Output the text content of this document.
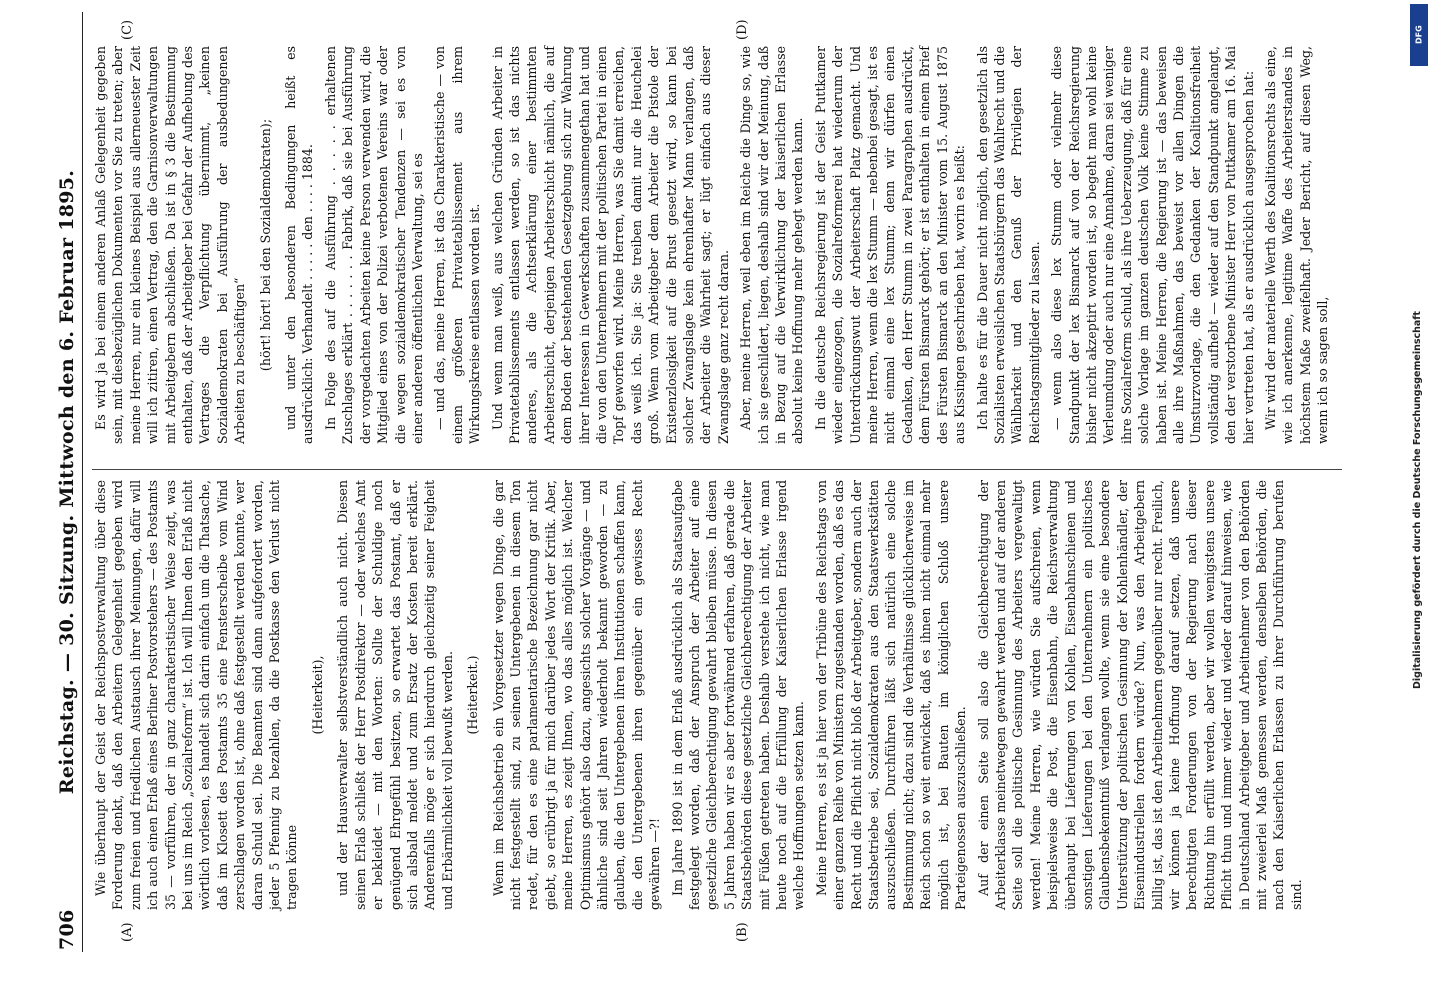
706
Reichstag. — 30. Sitzung. Mittwoch den 6. Februar 1895.
(A)	(B)
(C)	(D)

Wie überhaupt der Geist der Reichspostverwaltung über diese Forderung denkt, daß den Arbeitern Gelegenheit gegeben wird zum freien und friedlichen Austausch ihrer Meinungen, dafür will ich auch einen Erlaß eines Berliner Postvorstehers — des Postamts 35 — vorführen, der in ganz charakteristischer Weise zeigt, was bei uns im Reich „Sozialreform“ ist. Ich will Ihnen den Erlaß nicht wörtlich vorlesen, es handelt sich darin einfach um die Thatsache, daß im Klosett des Postamts 35 eine Fensterscheibe vom Wind zerschlagen worden ist, ohne daß festgestellt werden konnte, wer daran Schuld sei. Die Beamten sind dann aufgefordert worden, jeder 5 Pfennig zu bezahlen, da die Postkasse den Verlust nicht tragen könne

(Heiterkeit), und der Hausverwalter selbstverständlich auch nicht. Diesen seinen Erlaß schließt der Herr Postdirektor — oder welches Amt er bekleidet — mit den Worten: Sollte der Schuldige noch genügend Ehrgefühl besitzen, so erwartet das Postamt, daß er sich alsbald meldet und zum Ersatz der Kosten bereit erklärt. Anderenfalls möge er sich hierdurch gleichzeitig seiner Feigheit und Erbärmlichkeit voll bewußt werden. (Heiterkeit.) Wenn im Reichsbetrieb ein Vorgesetzter wegen Dinge, die gar nicht festgestellt sind, zu seinen Untergebenen in diesem Ton redet, für den es eine parlamentarische Bezeichnung gar nicht giebt, so erübrigt ja für mich darüber jedes Wort der Kritik. Aber, meine Herren, es zeigt Ihnen, wo das alles möglich ist. Welcher Optimismus gehört also dazu, angesichts solcher Vorgänge — und ähnliche sind seit Jahren wiederholt bekannt geworden — zu glauben, die den Untergebenen ihren Institutionen schaffen kann, die den Untergebenen ihren gegenüber ein gewisses Recht gewähren —?! Im Jahre 1890 ist in dem Erlaß ausdrücklich als Staatsaufgabe festgelegt worden, daß der Anspruch der Arbeiter auf eine gesetzliche Gleichberechtigung gewahrt bleiben müsse. In diesen 5 Jahren haben wir es aber fortwährend erfahren, daß gerade die Staatsbehörden diese gesetzliche Gleichberechtigung der Arbeiter mit Füßen getreten haben. Deshalb verstehe ich nicht, wie man heute noch auf die Erfüllung der Kaiserlichen Erlasse irgend welche Hoffnungen setzen kann. Meine Herren, es ist ja hier von der Tribüne des Reichstags von einer ganzen Reihe von Ministern zugestanden worden, daß es das Recht und die Pflicht nicht bloß der Arbeitgeber, sondern auch der Staatsbetriebe sei, Sozialdemokraten aus den Staatswerkstätten auszuschließen. Durchführen läßt sich natürlich eine solche Bestimmung nicht; dazu sind die Verhältnisse glücklicherweise im Reich schon so weit entwickelt, daß es ihnen nicht einmal mehr möglich ist, bei Bauten im königlichen Schloß unsere Parteigenossen auszuschließen. Auf der einen Seite soll also die Gleichberechtigung der Arbeiterklasse meinetwegen gewahrt werden und auf der anderen Seite soll die politische Gesinnung des Arbeiters vergewaltigt werden! Meine Herren, wie würden Sie aufschreien, wenn beispielsweise die Post, die Eisenbahn, die Reichsverwaltung überhaupt bei Lieferungen von Kohlen, Eisenbahnschienen und sonstigen Lieferungen bei den Unternehmern ein politisches Glaubensbekenntniß verlangen wollte, wenn sie eine besondere Unterstützung der politischen Gesinnung der Kohlenhändler, der Eisenindustriellen fordern würde? Nun, was den Arbeitgebern billig ist, das ist den Arbeitnehmern gegenüber nur recht. Freilich, wir können ja keine Hoffnung darauf setzen, daß unsere berechtigten Forderungen von der Regierung nach dieser Richtung hin erfüllt werden, aber wir wollen wenigstens unsere Pflicht thun und immer wieder und wieder darauf hinweisen, wie in Deutschland Arbeitgeber und Arbeitnehmer von den Behörden mit zweierlei Maß gemessen werden, denselben Behörden, die nach den Kaiserlichen Erlassen zu ihrer Durchführung berufen sind.

Es wird ja bei einem anderen Anlaß Gelegenheit gegeben sein, mit diesbezüglichen Dokumenten vor Sie zu treten; aber meine Herren, nur ein kleines Beispiel aus allerneuester Zeit will ich zitiren, einen Vertrag, den die Garnisonverwaltungen mit Arbeitgebern abschließen. Da ist in § 3 die Bestimmung enthalten, daß der Arbeitgeber bei Gefahr der Aufhebung des Vertrages die Verpflichtung übernimmt, „keinen Sozialdemokraten bei Ausführung der ausbedungenen Arbeiten zu beschäftigen“ (hört! hört! bei den Sozialdemokraten); und unter den besonderen Bedingungen heißt es ausdrücklich: Verhandelt . . . . . den . . . . 1884. In Folge des auf die Ausführung . . . . . erhaltenen Zuschlages erklärt . . . . . . . Fabrik, daß sie bei Ausführung der vorgedachten Arbeiten keine Person verwenden wird, die Mitglied eines von der Polizei verbotenen Vereins war oder die wegen sozialdemokratischer Tendenzen — sei es von einer anderen öffentlichen Verwaltung, sei es — und das, meine Herren, ist das Charakteristische — von einem größeren Privatetablissement aus ihrem Wirkungskreise entlassen worden ist. Und wenn man weiß, aus welchen Gründen Arbeiter in Privatetablissements entlassen werden, so ist das nichts anderes, als die Achtserklärung einer bestimmten Arbeiterschicht, derjenigen Arbeiterschicht nämlich, die auf dem Boden der bestehenden Gesetzgebung sich zur Wahrung ihrer Interessen in Gewerkschaften zusammengethan hat und die von den Unternehmern mit der politischen Partei in einen Topf geworfen wird. Meine Herren, was Sie damit erreichen, das weiß ich. Sie ja: Sie treiben damit nur die Heuchelei groß. Wenn vom Arbeitgeber dem Arbeiter die Pistole der Existenzlosigkeit auf die Brust gesetzt wird, so kann bei solcher Zwangslage kein ehrenhafter Mann verlangen, daß der Arbeiter die Wahrheit sagt; er lügt einfach aus dieser Zwangslage ganz recht daran. Aber, meine Herren, weil eben im Reiche die Dinge so, wie ich sie geschildert, liegen, deshalb sind wir der Meinung, daß in Bezug auf die Verwirklichung der kaiserlichen Erlasse absolut keine Hoffnung mehr gehegt werden kann. In die deutsche Reichsregierung ist der Geist Puttkamer wieder eingezogen, die Sozialreformerei hat wiederum der Unterdrückungswut der Arbeiterschaft Platz gemacht. Und meine Herren, wenn die lex Stumm — nebenbei gesagt, ist es nicht einmal eine lex Stumm; denn wir dürfen einen Gedanken, den Herr Stumm in zwei Paragraphen ausdrückt, dem Fürsten Bismarck gehört; er ist enthalten in einem Brief des Fürsten Bismarck an den Minister vom 15. August 1875 aus Kissingen geschrieben hat, worin es heißt: Ich halte es für die Dauer nicht möglich, den gesetzlich als Sozialisten erweislichen Staatsbürgern das Wahlrecht und die Wählbarkeit und den Genuß der Privilegien der Reichstagsmitglieder zu lassen. — wenn also diese lex Stumm oder vielmehr diese Standpunkt der lex Bismarck auf von der Reichsregierung bisher nicht akzeptirt worden ist, so begeht man wohl keine Verleumdung oder auch nur eine Annahme, daran sei weniger ihre Sozialreform schuld, als ihre Ueberzeugung, daß für eine solche Vorlage im ganzen deutschen Volk keine Stimme zu haben ist. Meine Herren, die Regierung ist — das beweisen alle ihre Maßnahmen, das beweist vor allen Dingen die Umsturzvorlage, die den Gedanken der Koalitionsfreiheit vollständig aufhebt — wieder auf den Standpunkt angelangt, den der verstorbene Minister Herr von Puttkamer am 16. Mai hier vertreten hat, als er ausdrücklich ausgesprochen hat: Wir wird der materielle Werth des Koalitionsrechts als eine, wie ich anerkenne, legitime Waffe des Arbeiterstandes in höchstem Maße zweifelhaft. Jeder Bericht, auf diesen Weg, wenn ich so sagen soll,	Digitalisierung gefördert durch die Deutsche Forschungsgemeinschaft
DFG
